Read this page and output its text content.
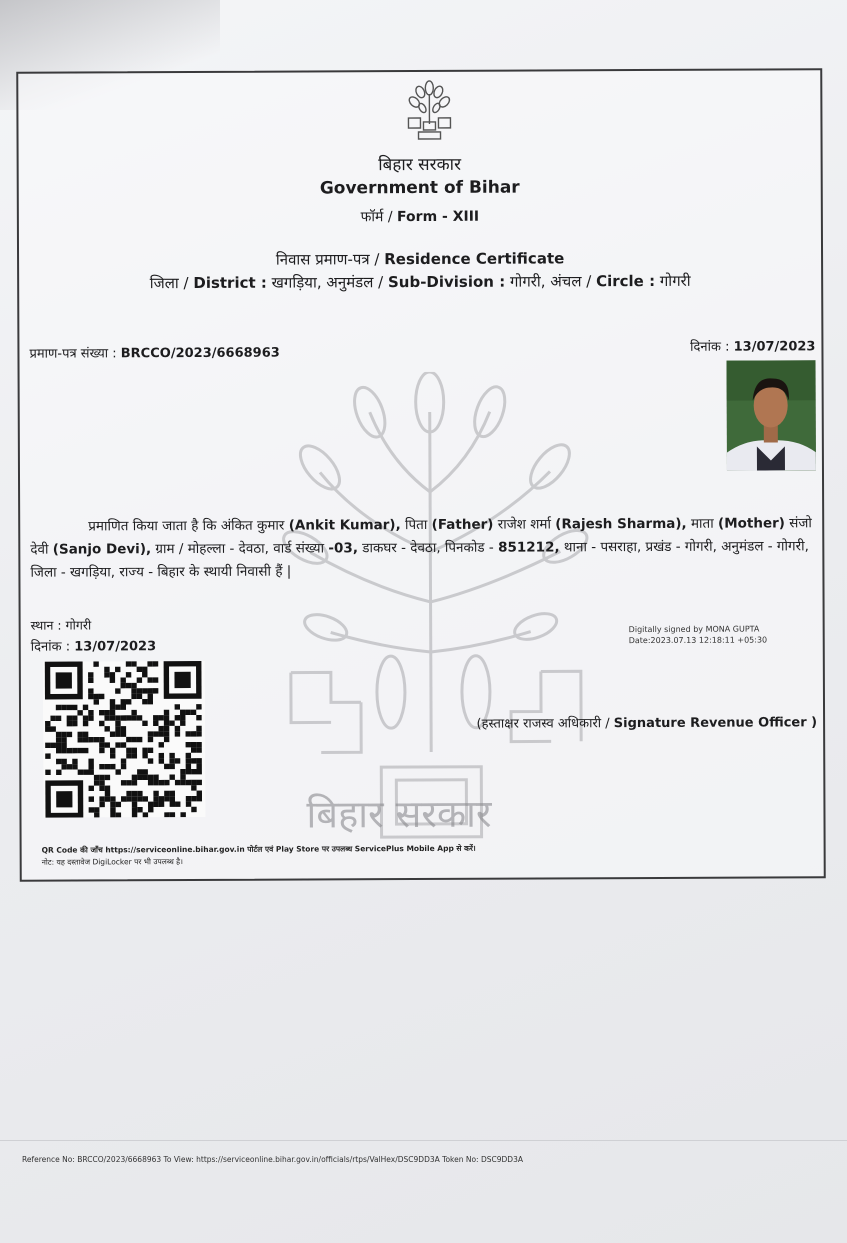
बिहार सरकार
Government of Bihar
फॉर्म / Form - XIII
निवास प्रमाण-पत्र / Residence Certificate
जिला / District : खगड़िया, अनुमंडल / Sub-Division : गोगरी, अंचल / Circle : गोगरी
प्रमाण-पत्र संख्या : BRCCO/2023/6668963	दिनांक : 13/07/2023
बिहार सरकार
प्रमाणित किया जाता है कि अंकित कुमार (Ankit Kumar), पिता (Father) राजेश शर्मा (Rajesh Sharma), माता (Mother) संजो देवी (Sanjo Devi), ग्राम / मोहल्ला - देवठा, वार्ड संख्या -03, डाकघर - देवठा, पिनकोड - 851212, थाना - पसराहा, प्रखंड - गोगरी, अनुमंडल - गोगरी, जिला - खगड़िया, राज्य - बिहार के स्थायी निवासी हैं |
स्थान : गोगरी
दिनांक : 13/07/2023
Digitally signed by MONA GUPTA
Date:2023.07.13 12:18:11 +05:30
(हस्ताक्षर राजस्व अधिकारी / Signature Revenue Officer )
QR Code की जाँच https://serviceonline.bihar.gov.in पोर्टल एवं Play Store पर उपलब्ध ServicePlus Mobile App से करें।
नोट: यह दस्तावेज DigiLocker पर भी उपलब्ध है।
Reference No: BRCCO/2023/6668963 To View: https://serviceonline.bihar.gov.in/officials/rtps/ValHex/DSC9DD3A Token No: DSC9DD3A
